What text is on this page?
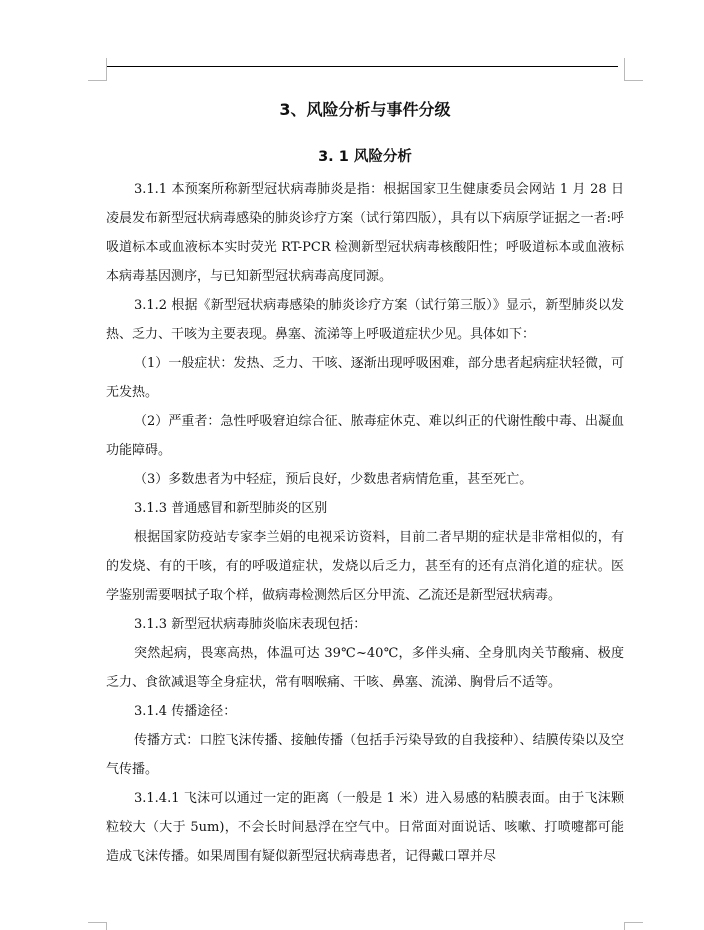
3、风险分析与事件分级
3. 1 风险分析

3.1.1 本预案所称新型冠状病毒肺炎是指：根据国家卫生健康委员会网站 1 月 28 日凌晨发布新型冠状病毒感染的肺炎诊疗方案（试行第四版），具有以下病原学证据之一者:呼吸道标本或血液标本实时荧光 RT-PCR 检测新型冠状病毒核酸阳性；呼吸道标本或血液标本病毒基因测序，与已知新型冠状病毒高度同源。

3.1.2 根据《新型冠状病毒感染的肺炎诊疗方案（试行第三版）》显示，新型肺炎以发热、乏力、干咳为主要表现。鼻塞、流涕等上呼吸道症状少见。具体如下：

（1）一般症状：发热、乏力、干咳、逐渐出现呼吸困难，部分患者起病症状轻微，可无发热。

（2）严重者：急性呼吸窘迫综合征、脓毒症休克、难以纠正的代谢性酸中毒、出凝血功能障碍。

（3）多数患者为中轻症，预后良好，少数患者病情危重，甚至死亡。

3.1.3 普通感冒和新型肺炎的区别

根据国家防疫站专家李兰娟的电视采访资料，目前二者早期的症状是非常相似的，有的发烧、有的干咳，有的呼吸道症状，发烧以后乏力，甚至有的还有点消化道的症状。医学鉴别需要咽拭子取个样，做病毒检测然后区分甲流、乙流还是新型冠状病毒。

3.1.3 新型冠状病毒肺炎临床表现包括：

突然起病，畏寒高热，体温可达 39℃~40℃，多伴头痛、全身肌肉关节酸痛、极度乏力、食欲减退等全身症状，常有咽喉痛、干咳、鼻塞、流涕、胸骨后不适等。

3.1.4 传播途径：

传播方式：口腔飞沫传播、接触传播（包括手污染导致的自我接种）、结膜传染以及空气传播。

3.1.4.1 飞沫可以通过一定的距离（一般是 1 米）进入易感的粘膜表面。由于飞沫颗粒较大（大于 5um)，不会长时间悬浮在空气中。日常面对面说话、咳嗽、打喷嚏都可能造成飞沫传播。如果周围有疑似新型冠状病毒患者，记得戴口罩并尽
